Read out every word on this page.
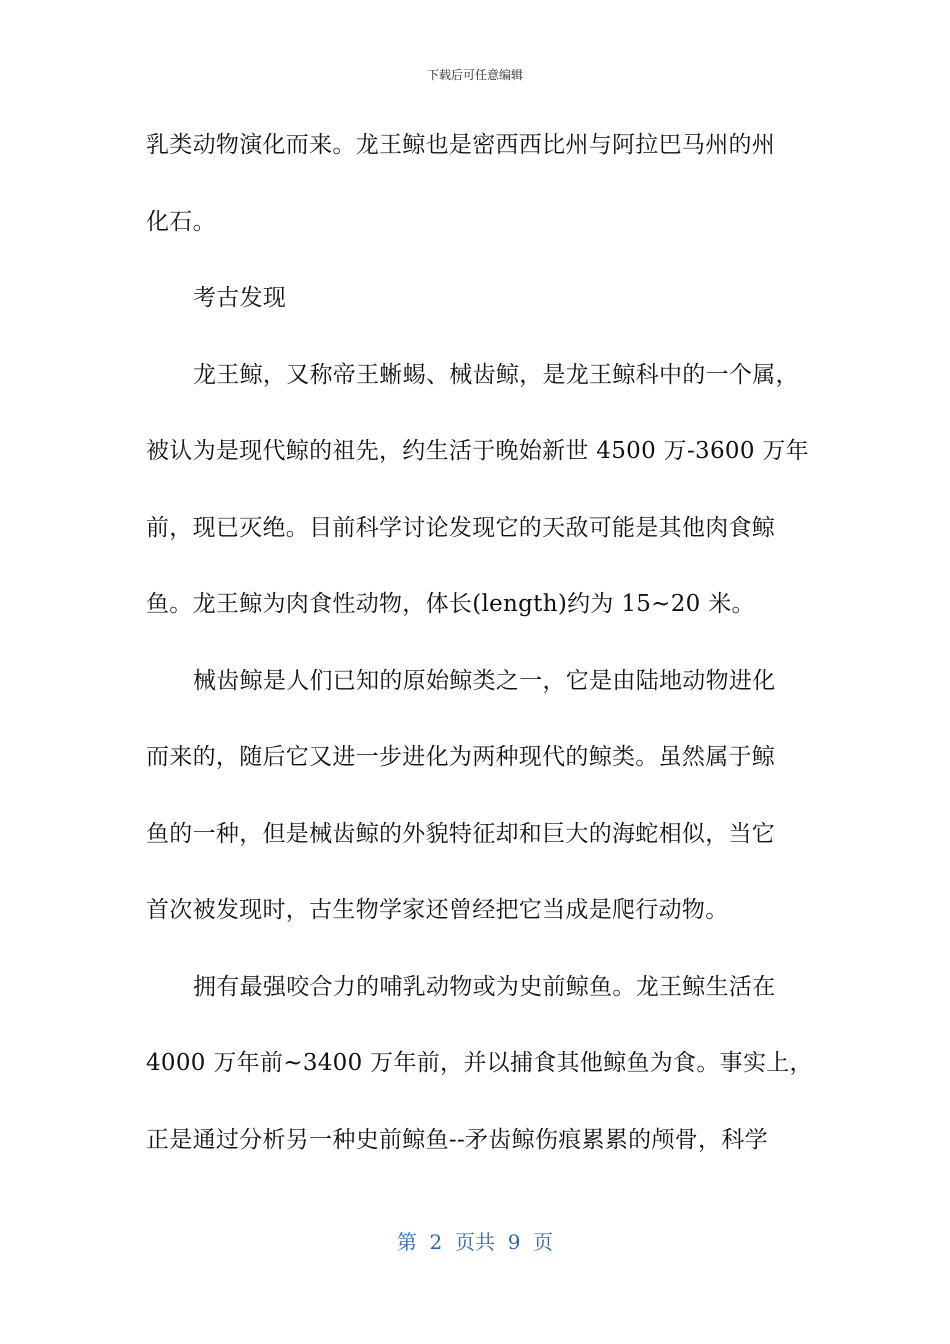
下载后可任意编辑
乳类动物演化而来。龙王鲸也是密西西比州与阿拉巴马州的州
化石。
考古发现
龙王鲸，又称帝王蜥蜴、械齿鲸，是龙王鲸科中的一个属，
被认为是现代鲸的祖先，约生活于晚始新世 4500 万-3600 万年
前，现已灭绝。目前科学讨论发现它的天敌可能是其他肉食鲸
鱼。龙王鲸为肉食性动物，体长(length)约为 15~20 米。
械齿鲸是人们已知的原始鲸类之一，它是由陆地动物进化
而来的，随后它又进一步进化为两种现代的鲸类。虽然属于鲸
鱼的一种，但是械齿鲸的外貌特征却和巨大的海蛇相似，当它
首次被发现时，古生物学家还曾经把它当成是爬行动物。
拥有最强咬合力的哺乳动物或为史前鲸鱼。龙王鲸生活在
4000 万年前~3400 万年前，并以捕食其他鲸鱼为食。事实上，
正是通过分析另一种史前鲸鱼--矛齿鲸伤痕累累的颅骨，科学
第  2  页共  9  页
